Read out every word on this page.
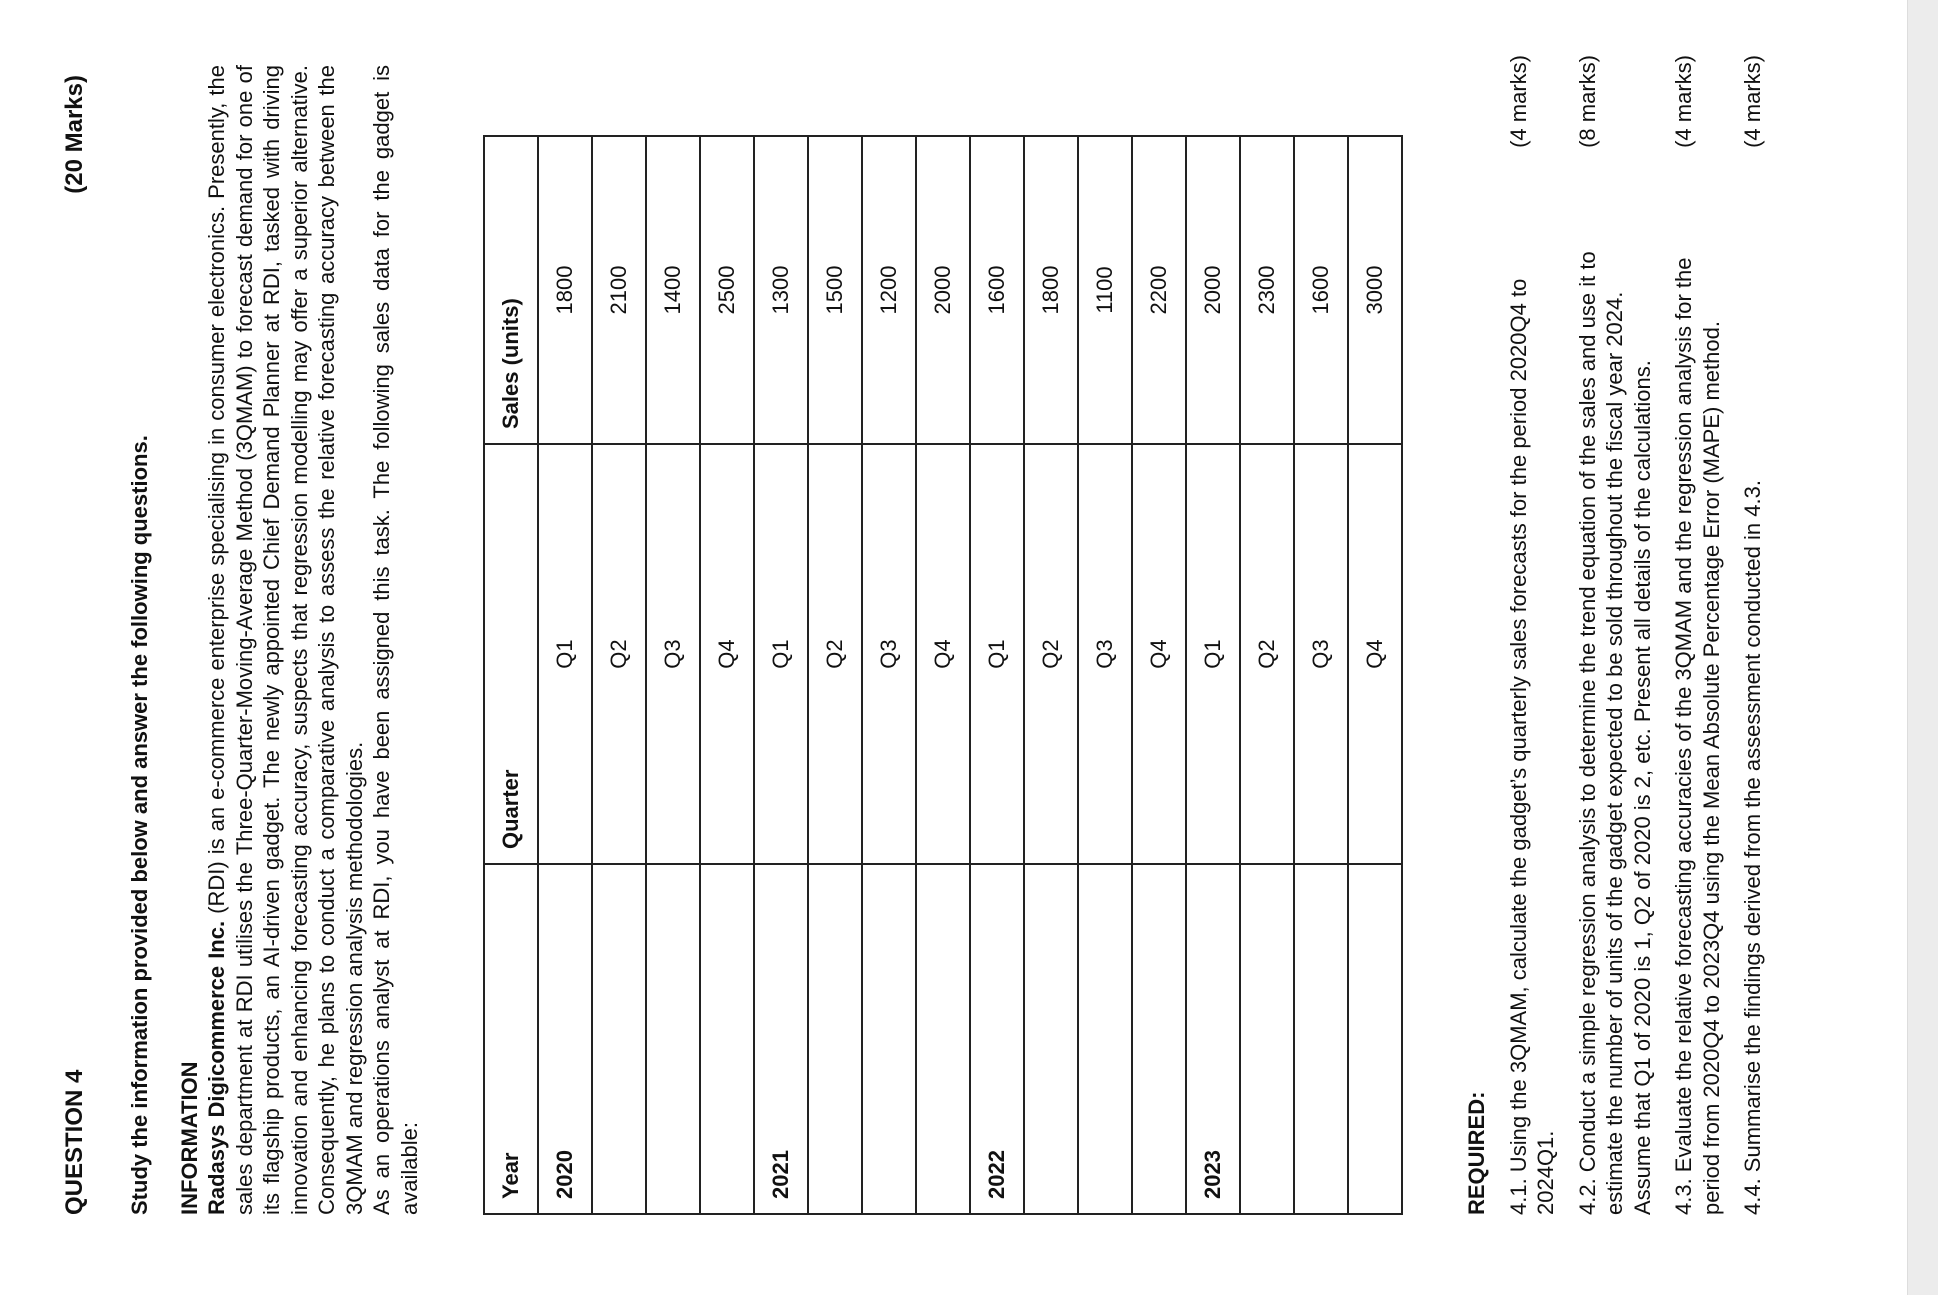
QUESTION 4
(20 Marks)
Study the information provided below and answer the following questions. INFORMATION Radasys Digicommerce Inc. (RDI) is an e-commerce enterprise specialising in consumer electronics. Presently, the sales department at RDI utilises the Three-Quarter-Moving-Average Method (3QMAM) to forecast demand for one of its flagship products, an AI-driven gadget. The newly appointed Chief Demand Planner at RDI, tasked with driving innovation and enhancing forecasting accuracy, suspects that regression modelling may offer a superior alternative. Consequently, he plans to conduct a comparative analysis to assess the relative forecasting accuracy between the 3QMAM and regression analysis methodologies. As an operations analyst at RDI, you have been assigned this task. The following sales data for the gadget is available:	Year	Quarter	Sales (units)
2020	Q1	1800
	Q2	2100
	Q3	1400
	Q4	2500
2021	Q1	1300
	Q2	1500
	Q3	1200
	Q4	2000
2022	Q1	1600
	Q2	1800
	Q3	1100
	Q4	2200
2023	Q1	2000
	Q2	2300
	Q3	1600
	Q4	3000
REQUIRED: 4.1. Using the 3QMAM, calculate the gadget’s quarterly sales forecasts for the period 2020Q4 to 2024Q1.
(4 marks)
4.2. Conduct a simple regression analysis to determine the trend equation of the sales and use it to estimate the number of units of the gadget expected to be sold throughout the fiscal year 2024. Assume that Q1 of 2020 is 1, Q2 of 2020 is 2, etc. Present all details of the calculations.
(8 marks)
4.3. Evaluate the relative forecasting accuracies of the 3QMAM and the regression analysis for the period from 2020Q4 to 2023Q4 using the Mean Absolute Percentage Error (MAPE) method.
(4 marks)
4.4. Summarise the findings derived from the assessment conducted in 4.3.
(4 marks)
